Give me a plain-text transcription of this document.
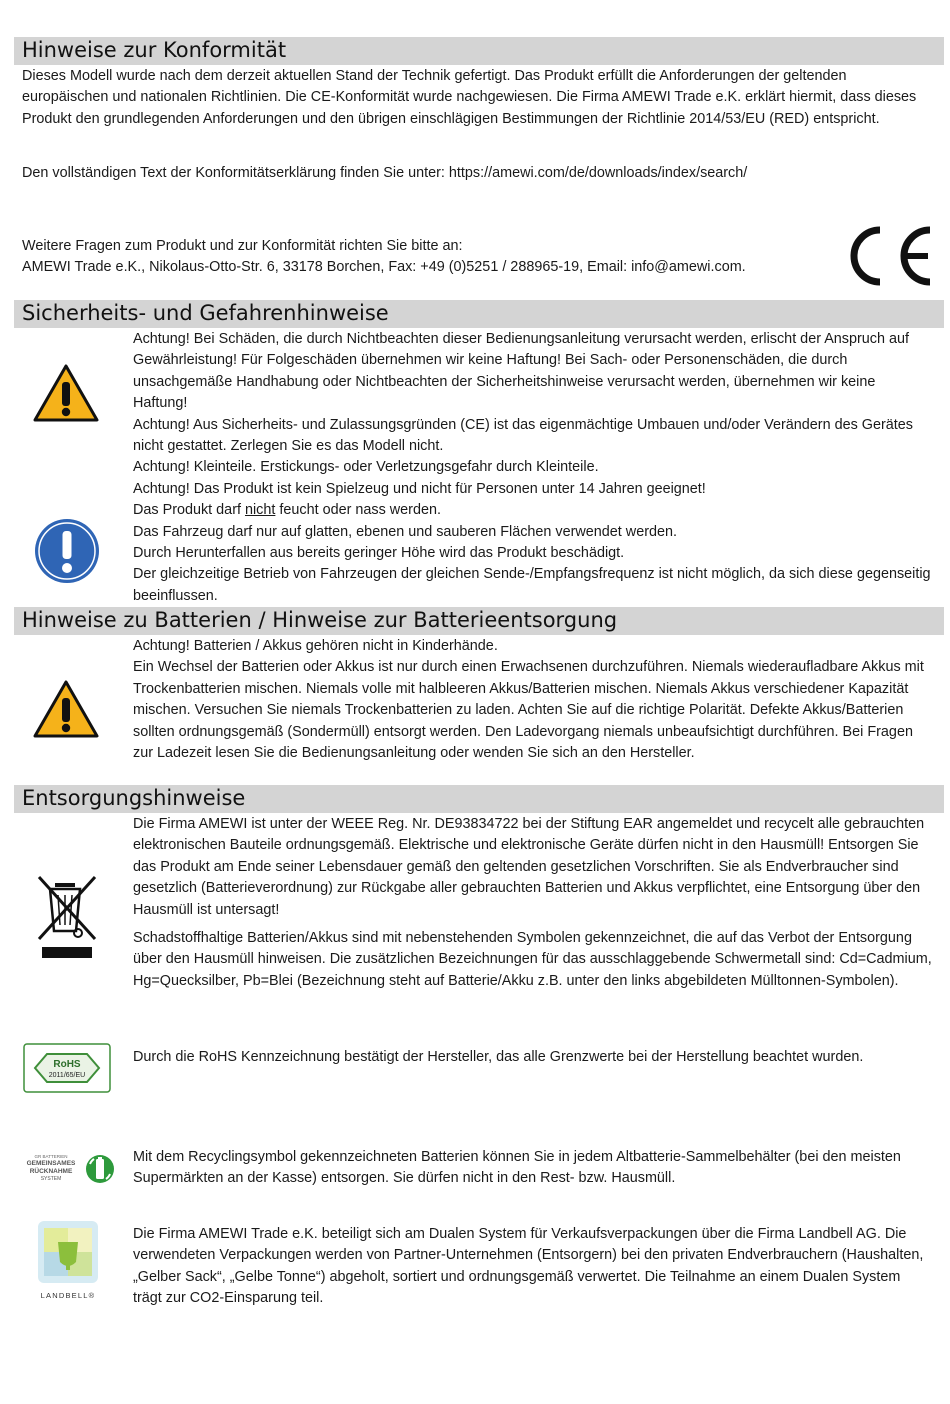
Hinweise zur Konformität

Dieses Modell wurde nach dem derzeit aktuellen Stand der Technik gefertigt. Das Produkt erfüllt die Anforderungen der geltenden europäischen und nationalen Richtlinien. Die CE-Konformität wurde nachgewiesen. Die Firma AMEWI Trade e.K. erklärt hiermit, dass dieses Produkt den grundlegenden Anforderungen und den übrigen einschlägigen Bestimmungen der Richtlinie 2014/53/EU (RED) entspricht.

Den vollständigen Text der Konformitätserklärung finden Sie unter: https://amewi.com/de/downloads/index/search/

Weitere Fragen zum Produkt und zur Konformität richten Sie bitte an:

AMEWI Trade e.K., Nikolaus-Otto-Str. 6, 33178 Borchen, Fax: +49 (0)5251 / 288965-19, Email: info@amewi.com.

Sicherheits- und Gefahrenhinweise

Achtung! Bei Schäden, die durch Nichtbeachten dieser Bedienungsanleitung verursacht werden, erlischt der Anspruch auf Gewährleistung! Für Folgeschäden übernehmen wir keine Haftung! Bei Sach- oder Personenschäden, die durch unsachgemäße Handhabung oder Nichtbeachten der Sicherheitshinweise verursacht werden, übernehmen wir keine Haftung!

Achtung! Aus Sicherheits- und Zulassungsgründen (CE) ist das eigenmächtige Umbauen und/oder Verändern des Gerätes nicht gestattet. Zerlegen Sie es das Modell nicht.

Achtung! Kleinteile. Erstickungs- oder Verletzungsgefahr durch Kleinteile.

Achtung! Das Produkt ist kein Spielzeug und nicht für Personen unter 14 Jahren geeignet!

Das Produkt darf nicht feucht oder nass werden.

Das Fahrzeug darf nur auf glatten, ebenen und sauberen Flächen verwendet werden.

Durch Herunterfallen aus bereits geringer Höhe wird das Produkt beschädigt.

Der gleichzeitige Betrieb von Fahrzeugen der gleichen Sende-/Empfangsfrequenz ist nicht möglich, da sich diese gegenseitig beeinflussen.

Hinweise zu Batterien / Hinweise zur Batterieentsorgung

Achtung! Batterien / Akkus gehören nicht in Kinderhände.

Ein Wechsel der Batterien oder Akkus ist nur durch einen Erwachsenen durchzuführen. Niemals wiederaufladbare Akkus mit Trockenbatterien mischen. Niemals volle mit halbleeren Akkus/Batterien mischen. Niemals Akkus verschiedener Kapazität mischen. Versuchen Sie niemals Trockenbatterien zu laden. Achten Sie auf die richtige Polarität. Defekte Akkus/Batterien sollten ordnungsgemäß (Sondermüll) entsorgt werden. Den Ladevorgang niemals unbeaufsichtigt durchführen. Bei Fragen zur Ladezeit lesen Sie die Bedienungsanleitung oder wenden Sie sich an den Hersteller.

Entsorgungshinweise

Die Firma AMEWI ist unter der WEEE Reg. Nr. DE93834722 bei der Stiftung EAR angemeldet und recycelt alle gebrauchten elektronischen Bauteile ordnungsgemäß. Elektrische und elektronische Geräte dürfen nicht in den Hausmüll! Entsorgen Sie das Produkt am Ende seiner Lebensdauer gemäß den geltenden gesetzlichen Vorschriften. Sie als Endverbraucher sind gesetzlich (Batterieverordnung) zur Rückgabe aller gebrauchten Batterien und Akkus verpflichtet, eine Entsorgung über den Hausmüll ist untersagt!

Schadstoffhaltige Batterien/Akkus sind mit nebenstehenden Symbolen gekennzeichnet, die auf das Verbot der Entsorgung über den Hausmüll hinweisen. Die zusätzlichen Bezeichnungen für das ausschlaggebende Schwermetall sind: Cd=Cadmium, Hg=Quecksilber, Pb=Blei (Bezeichnung steht auf Batterie/Akku z.B. unter den links abgebildeten Mülltonnen-Symbolen).

RoHS
2011/65/EU

Durch die RoHS Kennzeichnung bestätigt der Hersteller, das alle Grenzwerte bei der Herstellung beachtet wurden.

GR BATTERIEN
GEMEINSAMES
RÜCKNAHME
SYSTEM

Mit dem Recyclingsymbol gekennzeichneten Batterien können Sie in jedem Altbatterie-Sammelbehälter (bei den meisten Supermärkten an der Kasse) entsorgen. Sie dürfen nicht in den Rest- bzw. Hausmüll.

LANDBELL®

Die Firma AMEWI Trade e.K. beteiligt sich am Dualen System für Verkaufsverpackungen über die Firma Landbell AG. Die verwendeten Verpackungen werden von Partner-Unternehmen (Entsorgern) bei den privaten Endverbrauchern (Haushalten, „Gelber Sack“, „Gelbe Tonne“) abgeholt, sortiert und ordnungsgemäß verwertet. Die Teilnahme an einem Dualen System trägt zur CO2-Einsparung teil.
